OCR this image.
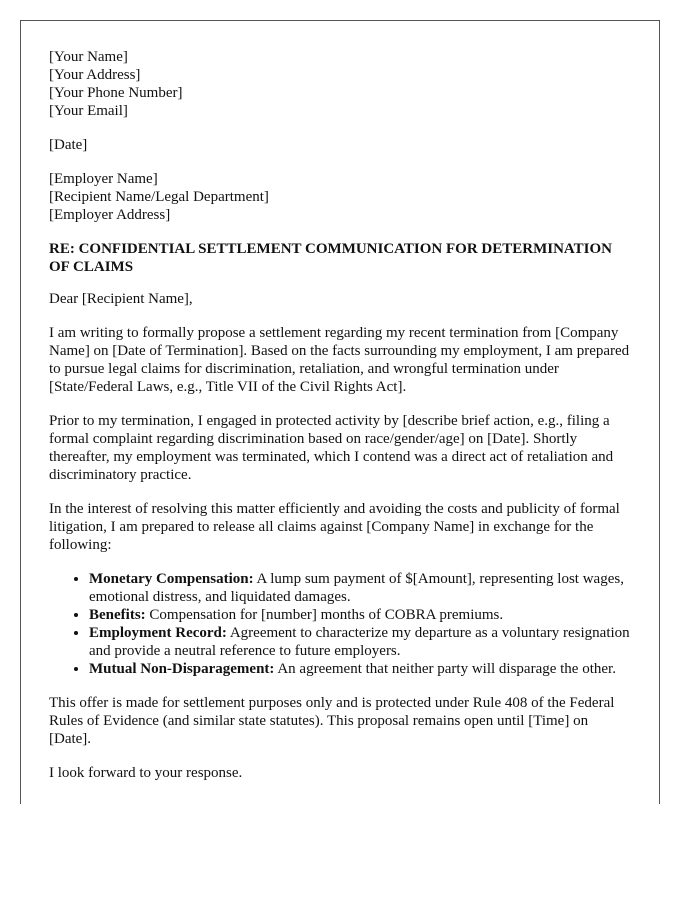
[Your Name]
[Your Address]
[Your Phone Number]
[Your Email]
[Date]
[Employer Name]
[Recipient Name/Legal Department]
[Employer Address]
RE: CONFIDENTIAL SETTLEMENT COMMUNICATION FOR DETERMINATION OF CLAIMS

Dear [Recipient Name],

I am writing to formally propose a settlement regarding my recent termination from [Company Name] on [Date of Termination]. Based on the facts surrounding my employment, I am prepared to pursue legal claims for discrimination, retaliation, and wrongful termination under [State/Federal Laws, e.g., Title VII of the Civil Rights Act].

Prior to my termination, I engaged in protected activity by [describe brief action, e.g., filing a formal complaint regarding discrimination based on race/gender/age] on [Date]. Shortly thereafter, my employment was terminated, which I contend was a direct act of retaliation and discriminatory practice.

In the interest of resolving this matter efficiently and avoiding the costs and publicity of formal litigation, I am prepared to release all claims against [Company Name] in exchange for the following:

• Monetary Compensation: A lump sum payment of $[Amount], representing lost wages, emotional distress, and liquidated damages.
• Benefits: Compensation for [number] months of COBRA premiums.
• Employment Record: Agreement to characterize my departure as a voluntary resignation and provide a neutral reference to future employers.
• Mutual Non-Disparagement: An agreement that neither party will disparage the other.

This offer is made for settlement purposes only and is protected under Rule 408 of the Federal Rules of Evidence (and similar state statutes). This proposal remains open until [Time] on [Date].

I look forward to your response.
